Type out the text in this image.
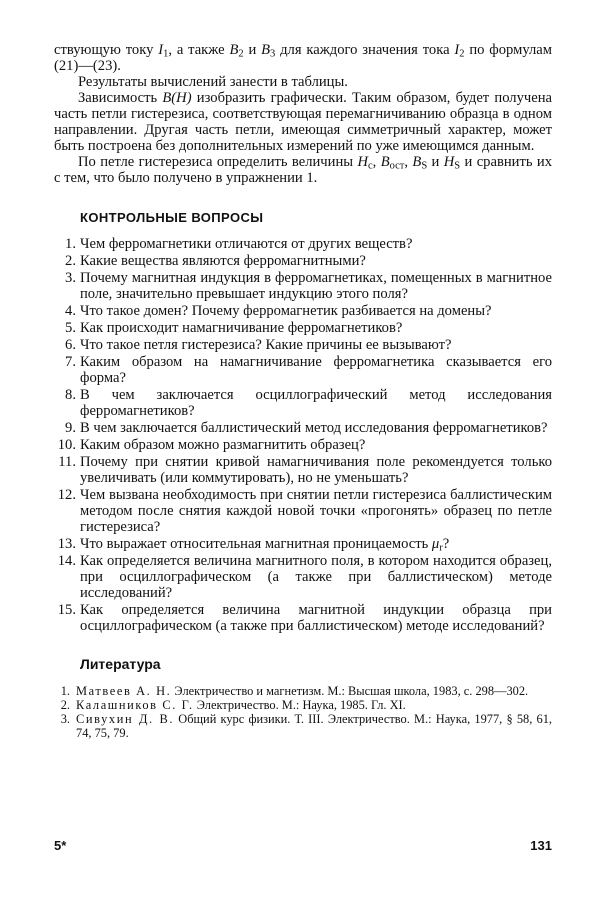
ствующую току $I_1$, а также $B_2$ и $B_3$ для каждого значения тока $I_2$ по формулам (21)—(23).

Результаты вычислений занести в таблицы.

Зависимость B(H) изобразить графически. Таким образом, будет получена часть петли гистерезиса, соответствующая перемагничиванию образца в одном направлении. Другая часть петли, имеющая симметричный характер, может быть построена без дополнительных измерений по уже имеющимся данным.

По петле гистерезиса определить величины $H_c$, $B_{ост}$, $B_S$ и $H_S$ и сравнить их с тем, что было получено в упражнении 1.

КОНТРОЛЬНЫЕ ВОПРОСЫ
1. Чем ферромагнетики отличаются от других веществ?
2. Какие вещества являются ферромагнитными?
3. Почему магнитная индукция в ферромагнетиках, помещенных в магнитное поле, значительно превышает индукцию этого поля?
4. Что такое домен? Почему ферромагнетик разбивается на домены?
5. Как происходит намагничивание ферромагнетиков?
6. Что такое петля гистерезиса? Какие причины ее вызывают?
7. Каким образом на намагничивание ферромагнетика сказывается его форма?
8. В чем заключается осциллографический метод исследования ферромагнетиков?
9. В чем заключается баллистический метод исследования ферромагнетиков?
10. Каким образом можно размагнитить образец?
11. Почему при снятии кривой намагничивания поле рекомендуется только увеличивать (или коммутировать), но не уменьшать?
12. Чем вызвана необходимость при снятии петли гистерезиса баллистическим методом после снятия каждой новой точки «прогонять» образец по петле гистерезиса?
13. Что выражает относительная магнитная проницаемость $\mu_r$?
14. Как определяется величина магнитного поля, в котором находится образец, при осциллографическом (а также при баллистическом) методе исследований?
15. Как определяется величина магнитной индукции образца при осциллографическом (а также при баллистическом) методе исследований?
Литература
1. Матвеев А. Н. Электричество и магнетизм. М.: Высшая школа, 1983, с. 298—302.
2. Калашников С. Г. Электричество. М.: Наука, 1985. Гл. XI.
3. Сивухин Д. В. Общий курс физики. Т. III. Электричество. М.: Наука, 1977, § 58, 61, 74, 75, 79.
5*	131
